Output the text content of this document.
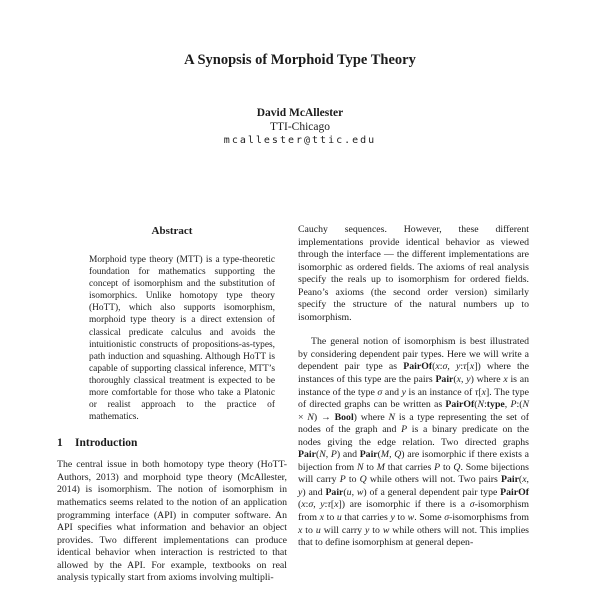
A Synopsis of Morphoid Type Theory
David McAllester
TTI-Chicago
mcallester@ttic.edu
Abstract
Morphoid type theory (MTT) is a type-theoretic foundation for mathematics supporting the concept of isomorphism and the substitution of isomorphics. Unlike homotopy type theory (HoTT), which also supports isomorphism, morphoid type theory is a direct extension of classical predicate calculus and avoids the intuitionistic constructs of propositions-as-types, path induction and squashing. Although HoTT is capable of supporting classical inference, MTT’s thoroughly classical treatment is expected to be more comfortable for those who take a Platonic or realist approach to the practice of mathematics.
1 Introduction

The central issue in both homotopy type theory (HoTT-Authors, 2013) and morphoid type theory (McAllester, 2014) is isomorphism. The notion of isomorphism in mathematics seems related to the notion of an application programming interface (API) in computer software. An API specifies what information and behavior an object provides. Two different implementations can produce identical behavior when interaction is restricted to that allowed by the API. For example, textbooks on real analysis typically start from axioms involving multipli-

Cauchy sequences. However, these different implementations provide identical behavior as viewed through the interface — the different implementations are isomorphic as ordered fields. The axioms of real analysis specify the reals up to isomorphism for ordered fields. Peano’s axioms (the second order version) similarly specify the structure of the natural numbers up to isomorphism.

The general notion of isomorphism is best illustrated by considering dependent pair types. Here we will write a dependent pair type as PairOf(x:σ, y:τ[x]) where the instances of this type are the pairs Pair(x, y) where x is an instance of the type σ and y is an instance of τ[x]. The type of directed graphs can be written as PairOf(N:type, P:(N × N) → Bool) where N is a type representing the set of nodes of the graph and P is a binary predicate on the nodes giving the edge relation. Two directed graphs Pair(N, P) and Pair(M, Q) are isomorphic if there exists a bijection from N to M that carries P to Q. Some bijections will carry P to Q while others will not. Two pairs Pair(x, y) and Pair(u, w) of a general dependent pair type PairOf (x:σ, y:τ[x]) are isomorphic if there is a σ-isomorphism from x to u that carries y to w. Some σ-isomorphisms from x to u will carry y to w while others will not. This implies that to define isomorphism at general depen-
